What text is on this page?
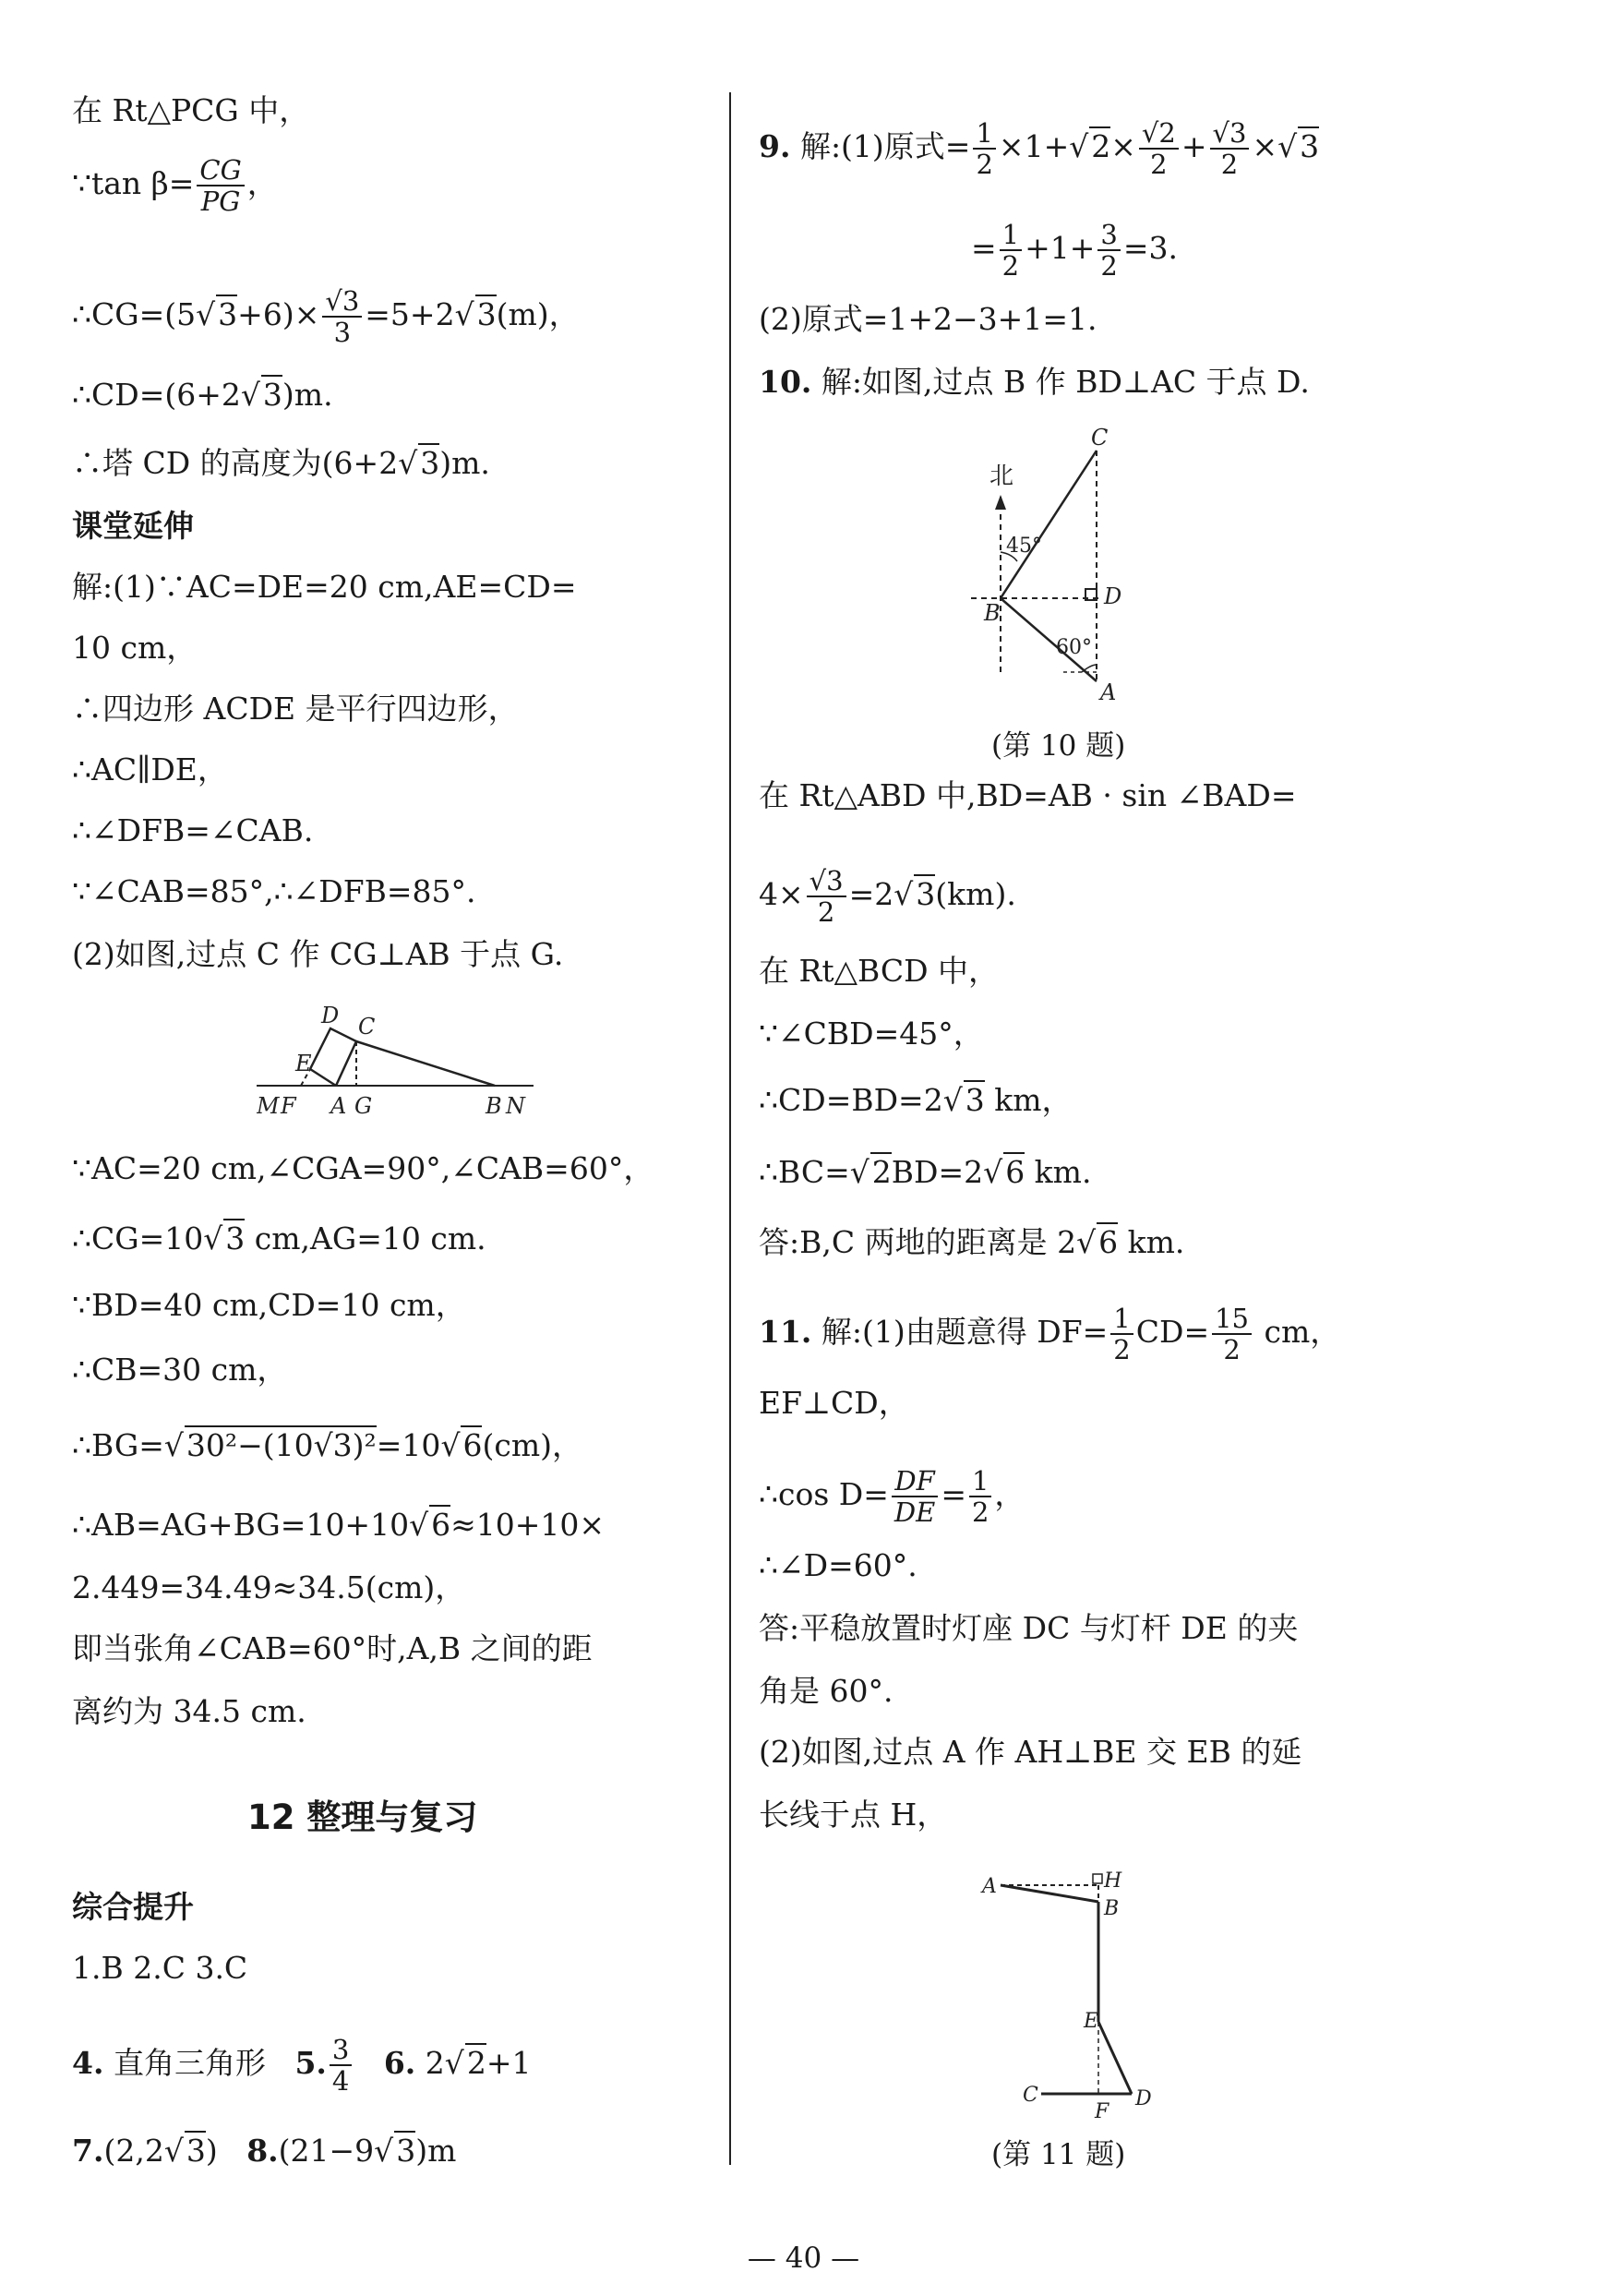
在 Rt△PCG 中，
∵tan $\beta= \frac{CG}{PG}$ ，
∴CG=(5√3+6)× $\frac{√3}{3} =5+2√3(m)$，
∴CD=(6+2√3)m.
∴塔 CD 的高度为(6+2√3)m.
课堂延伸
解:(1)∵AC=DE=20 cm,AE=CD=
10 cm，
∴四边形 ACDE 是平行四边形，
∴AC∥DE，
∴∠DFB=∠CAB.
∵∠CAB=85°,∴∠DFB=85°.
(2)如图,过点 C 作 CG⊥AB 于点 G.
D C
E
M F A G	B N
∵AC=20 cm,∠CGA=90°,∠CAB=60°，
∴CG=10√3 cm,AG=10 cm.
∵BD=40 cm,CD=10 cm，
∴CB=30 cm，
∴BG=√30²−(10√3)²=10√6(cm)，
∴AB=AG+BG=10+10√6≈10+10×
2.449=34.49≈34.5(cm)，
即当张角∠CAB=60°时,A,B 之间的距
离约为 34.5 cm.
12 整理与复习
综合提升
1.B 2.C 3.C
4. 直角三角形 5. $\frac{3}{4} 6$. 2√2+1
7.(2,2√3) 8.(21−9√3)m
9. 解:(1)原式= $\frac{1}{2} \times 1+√2\times \frac{√2}{2} + \frac{√3}{2} \times√3$
= $\frac{1}{2} +1+ \frac{3}{2} =3$.
(2)原式=1+2−3+1=1.
10. 解:如图,过点 B 作 BD⊥AC 于点 D.
北
45°
60°
C
D
B
A
(第 10 题)
在 Rt△ABD 中,BD=AB · sin ∠BAD=
$4\times \frac{√3}{2} =2√3(km)$.
在 Rt△BCD 中，
∵∠CBD=45°，
∴CD=BD=2√3 km，
∴BC=√2BD=2√6 km.
答:B,C 两地的距离是 2√6 km.
11. 解:(1)由题意得 $DF= \frac{1}{2} CD= \frac{15}{2}$ cm，
EF⊥CD，
∴cos $D= \frac{DF}{DE} = \frac{1}{2}$ ，
∴∠D=60°.
答:平稳放置时灯座 DC 与灯杆 DE 的夹
角是 60°.
(2)如图,过点 A 作 AH⊥BE 交 EB 的延
长线于点 H，
A	H
B
E
C
F
D
(第 11 题)
— 40 —
